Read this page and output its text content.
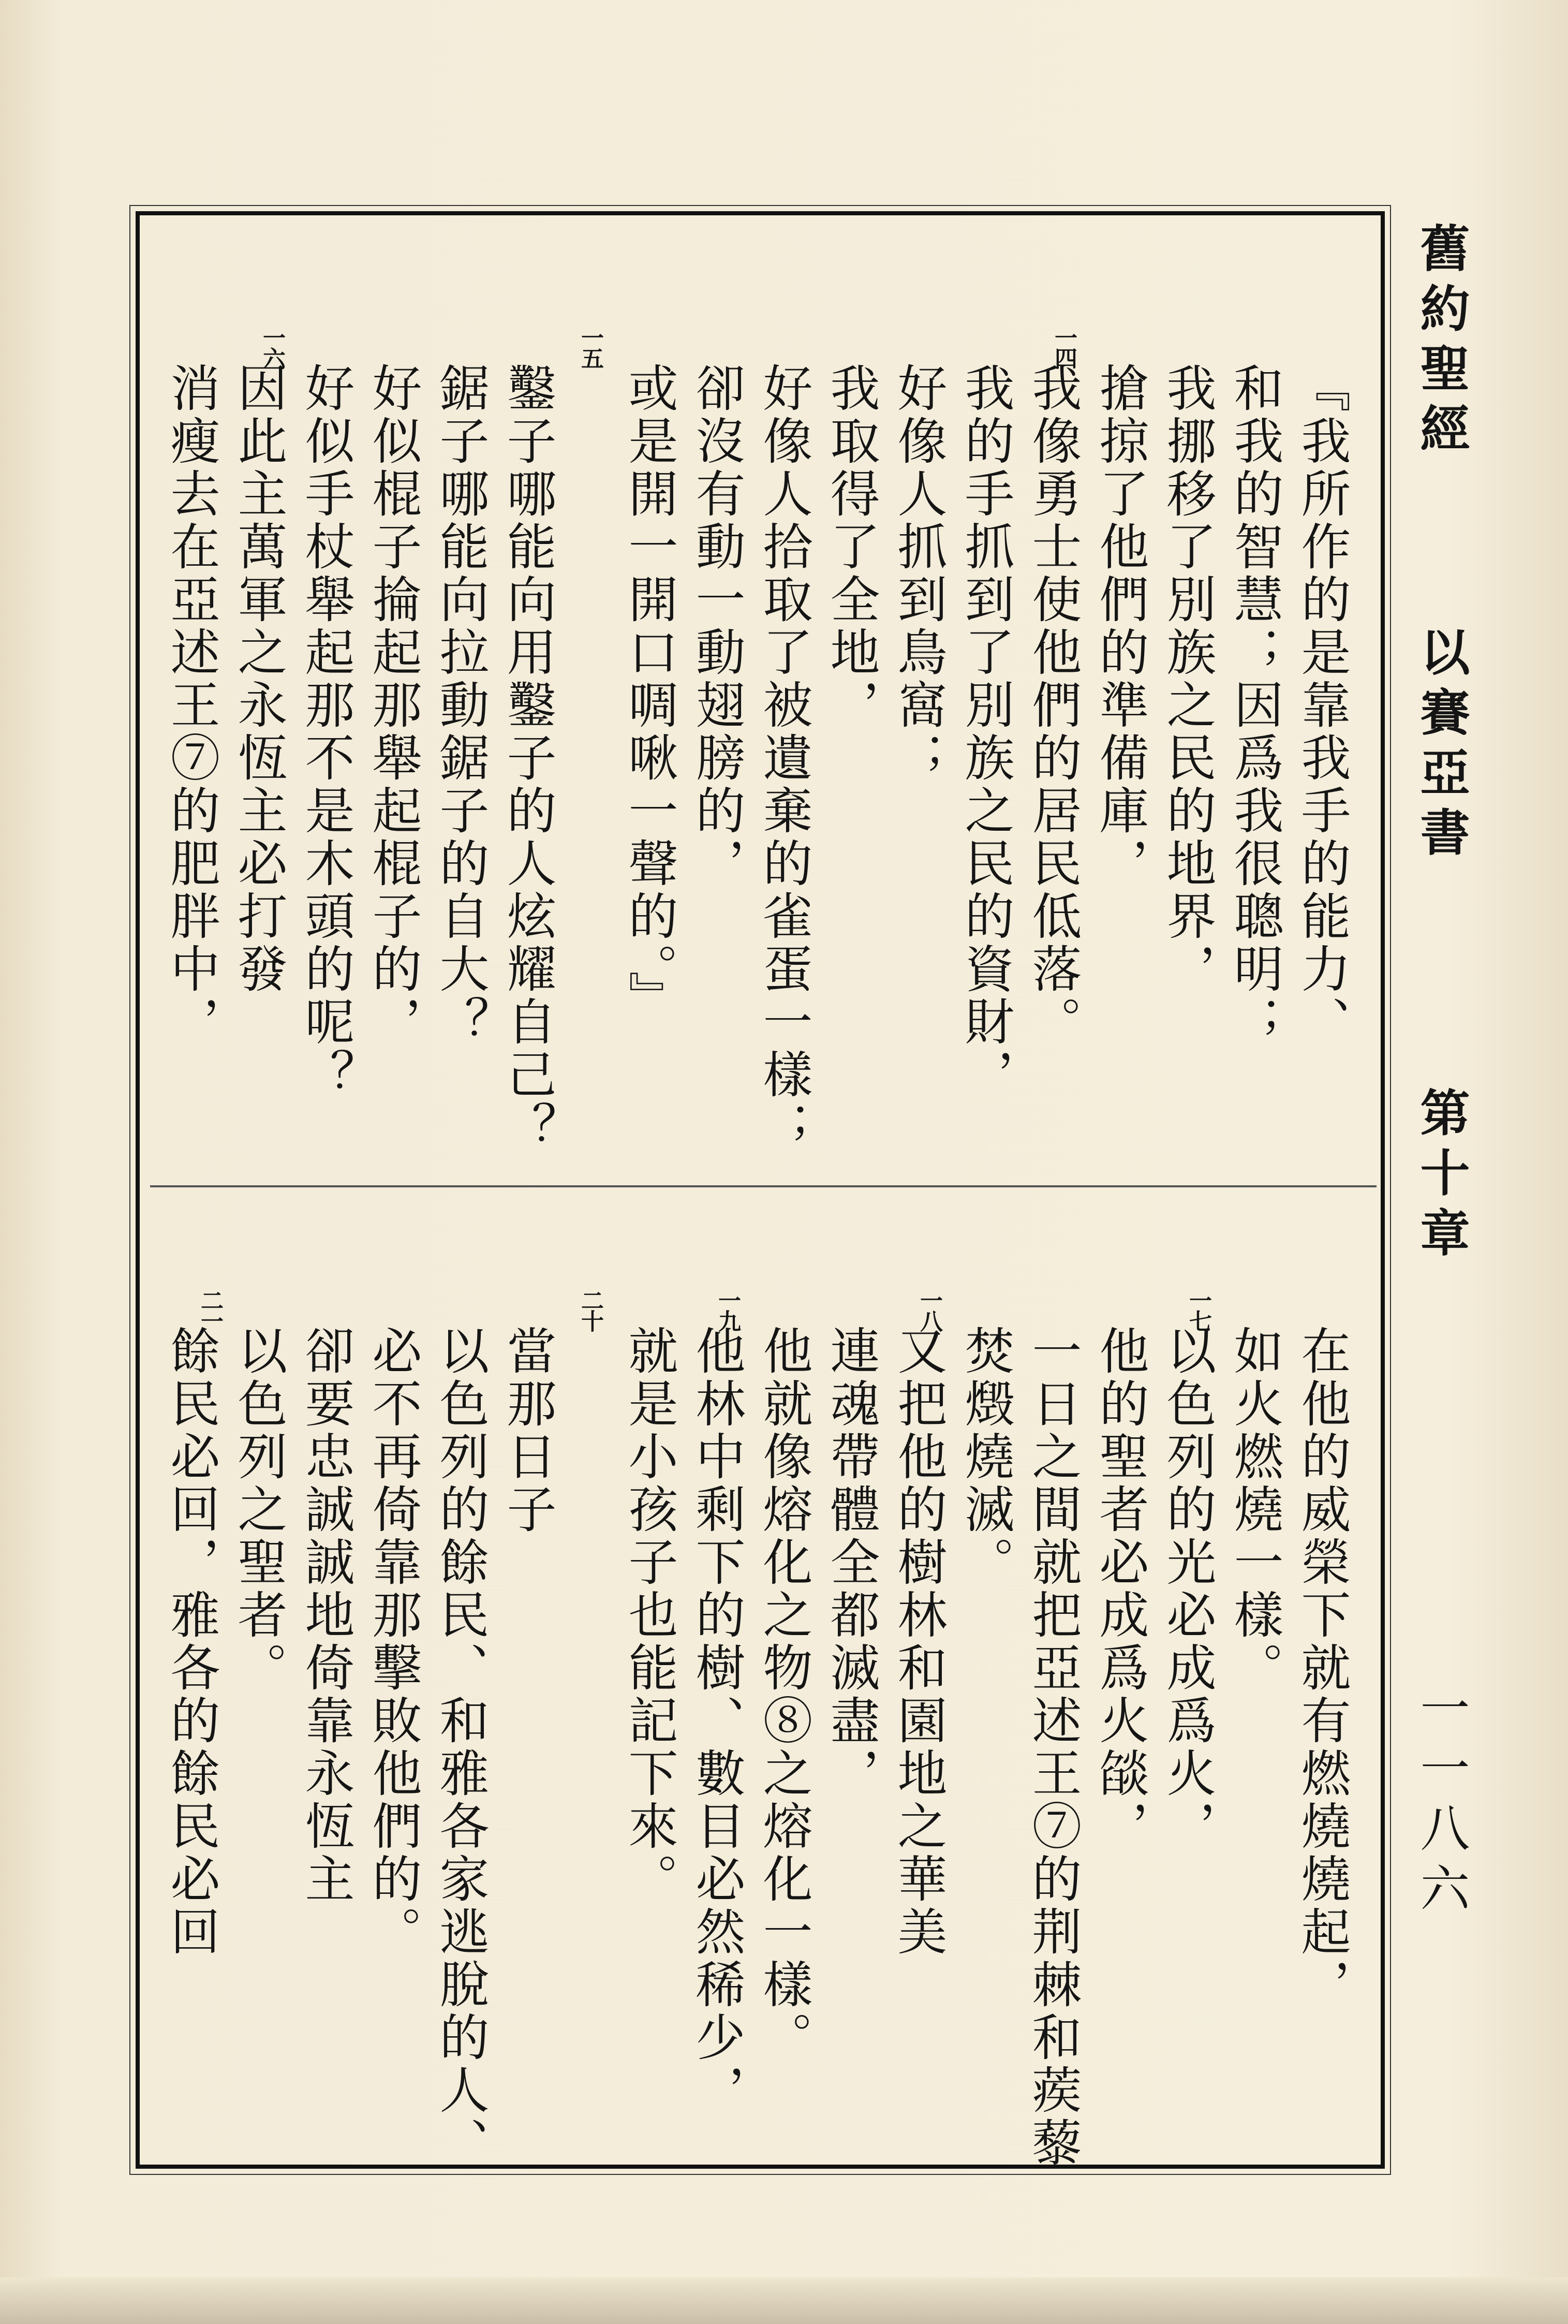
舊約聖經
以賽亞書
第十章
一一八六
『我所作的是靠我手的能力、
和我的智慧；因爲我很聰明；
我挪移了別族之民的地界，
搶掠了他們的準備庫，
一四
我像勇士使他們的居民低落。
我的手抓到了別族之民的資財，
好像人抓到鳥窩；
我取得了全地，
好像人拾取了被遺棄的雀蛋一樣；
卻沒有動一動翅膀的，
或是開一開口啁啾一聲的。』
一五
鑿子哪能向用鑿子的人炫耀自己？
鋸子哪能向拉動鋸子的自大？
好似棍子掄起那舉起棍子的，
好似手杖舉起那不是木頭的呢？
一六
因此主萬軍之永恆主必打發
消瘦去在亞述王⑦的肥胖中，
在他的威榮下就有燃燒燒起，
如火燃燒一樣。
一七
以色列的光必成爲火，
他的聖者必成爲火燄，
一日之間就把亞述王⑦的荆棘和蒺藜
焚燬燒滅。
一八
又把他的樹林和園地之華美
連魂帶體全都滅盡，
他就像熔化之物⑧之熔化一樣。
一九
他林中剩下的樹、數目必然稀少，
就是小孩子也能記下來。
二十
當那日子
以色列的餘民、和雅各家逃脫的人、
必不再倚靠那擊敗他們的。
卻要忠誠誠地倚靠永恆主
以色列之聖者。
二一
餘民必回，雅各的餘民必回
